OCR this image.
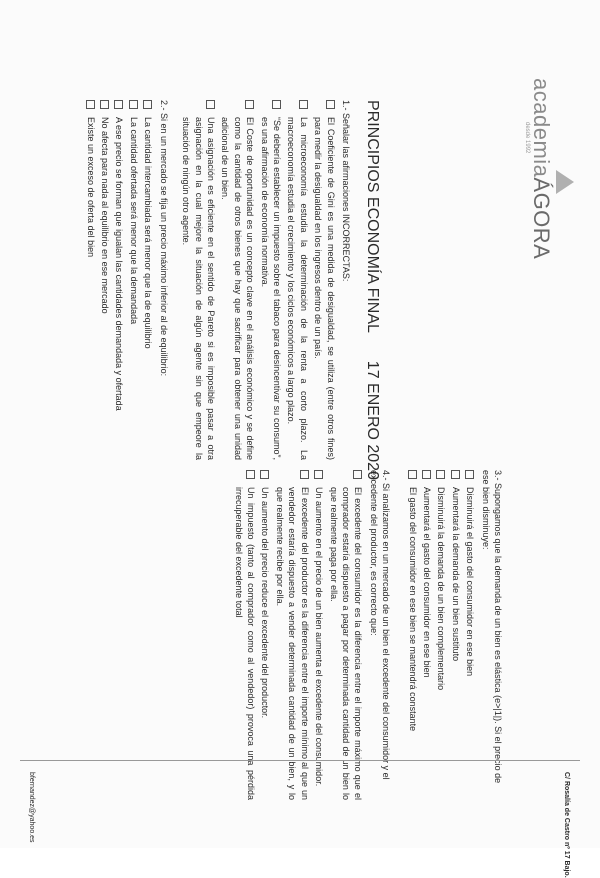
academiaÁGORA
desde 1992
PRINCIPIOS ECONOMÍA FINAL 17 ENERO 2020
1.- Señalar las afirmaciones INCORRECTAS:
El Coeficiente de Gini es una medida de desigualdad, se utiliza (entre otros fines) para medir la desigualdad en los ingresos dentro de un país.
La microeconomía estudia la determinación de la renta a corto plazo. La macroeconomía estudia el crecimiento y los ciclos económicos a largo plazo.
“Se debería establecer un impuesto sobre el tabaco para desincentivar su consumo”, es una afirmación de economía normativa.
El Coste de oportunidad es un concepto clave en el análisis económico y se define como la cantidad de otros bienes que hay que sacrificar para obtener una unidad adicional de un bien.
Una asignación es eficiente en el sentido de Pareto si es imposible pasar a otra asignación en la cual mejore la situación de algún agente sin que empeore la situación de ningún otro agente.
2.- Si en un mercado se fija un precio máximo inferior al de equilibrio:
La cantidad intercambiada será menor que la de equilibrio
La cantidad ofertada será menor que la demandada
A ese precio se forman que igualan las cantidades demandada y ofertada
No afecta para nada al equilibrio en ese mercado
Existe un exceso de oferta del bien
3.- Supongamos que la demanda de un bien es elástica (e>|1|). Si el precio de ese bien disminuye:
Disminuirá el gasto del consumidor en ese bien
Aumentará la demanda de un bien sustituto
Disminuirá la demanda de un bien complementario
Aumentará el gasto del consumidor en ese bien
El gasto del consumidor en ese bien se mantendrá constante
4.- Si analizamos en un mercado de un bien el excedente del consumidor y el excedente del productor, es correcto que:
El excedente del consumidor es la diferencia entre el importe máximo que el comprador estaría dispuesto a pagar por determinada cantidad de un bien lo que realmente paga por ella.
Un aumento en el precio de un bien aumenta el excedente del consumidor.
El excedente del productor es la diferencia entre el importe mínimo al que un vendedor estaría dispuesto a vender determinada cantidad de un bien, y lo que realmente recibe por ella.
Un aumento del precio reduce el excedente del productor.
Un impuesto (tanto al comprador como al vendedor) provoca una pérdida irrecuperable del excedente total
bfernandez@yahoo.es	C/ Rosalía de Castro nº 17 Bajo.
